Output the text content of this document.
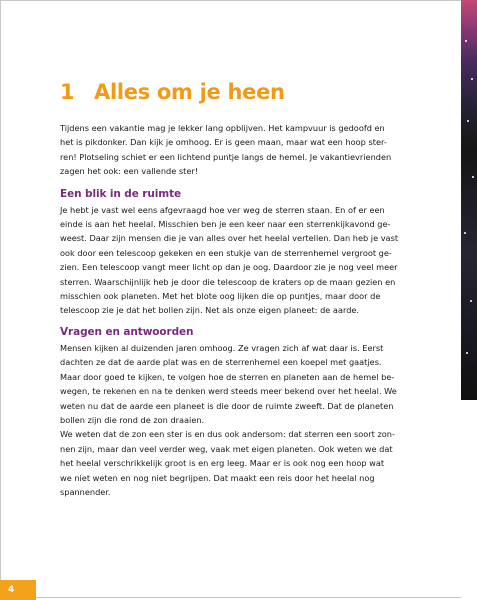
1 Alles om je heen

Tijdens een vakantie mag je lekker lang opblijven. Het kampvuur is gedoofd en
het is pikdonker. Dan kijk je omhoog. Er is geen maan, maar wat een hoop ster-
ren! Plotseling schiet er een lichtend puntje langs de hemel. Je vakantievrienden
zagen het ook: een vallende ster!

Een blik in de ruimte

Je hebt je vast wel eens afgevraagd hoe ver weg de sterren staan. En of er een
einde is aan het heelal. Misschien ben je een keer naar een sterrenkijkavond ge-
weest. Daar zijn mensen die je van alles over het heelal vertellen. Dan heb je vast
ook door een telescoop gekeken en een stukje van de sterrenhemel vergroot ge-
zien. Een telescoop vangt meer licht op dan je oog. Daardoor zie je nog veel meer
sterren. Waarschijnlijk heb je door die telescoop de kraters op de maan gezien en
misschien ook planeten. Met het blote oog lijken die op puntjes, maar door de
telescoop zie je dat het bollen zijn. Net als onze eigen planeet: de aarde.

Vragen en antwoorden

Mensen kijken al duizenden jaren omhoog. Ze vragen zich af wat daar is. Eerst
dachten ze dat de aarde plat was en de sterrenhemel een koepel met gaatjes.
Maar door goed te kijken, te volgen hoe de sterren en planeten aan de hemel be-
wegen, te rekenen en na te denken werd steeds meer bekend over het heelal. We
weten nu dat de aarde een planeet is die door de ruimte zweeft. Dat de planeten
bollen zijn die rond de zon draaien.
We weten dat de zon een ster is en dus ook andersom: dat sterren een soort zon-
nen zijn, maar dan veel verder weg, vaak met eigen planeten. Ook weten we dat
het heelal verschrikkelijk groot is en erg leeg. Maar er is ook nog een hoop wat
we niet weten en nog niet begrijpen. Dat maakt een reis door het heelal nog
spannender.

4
